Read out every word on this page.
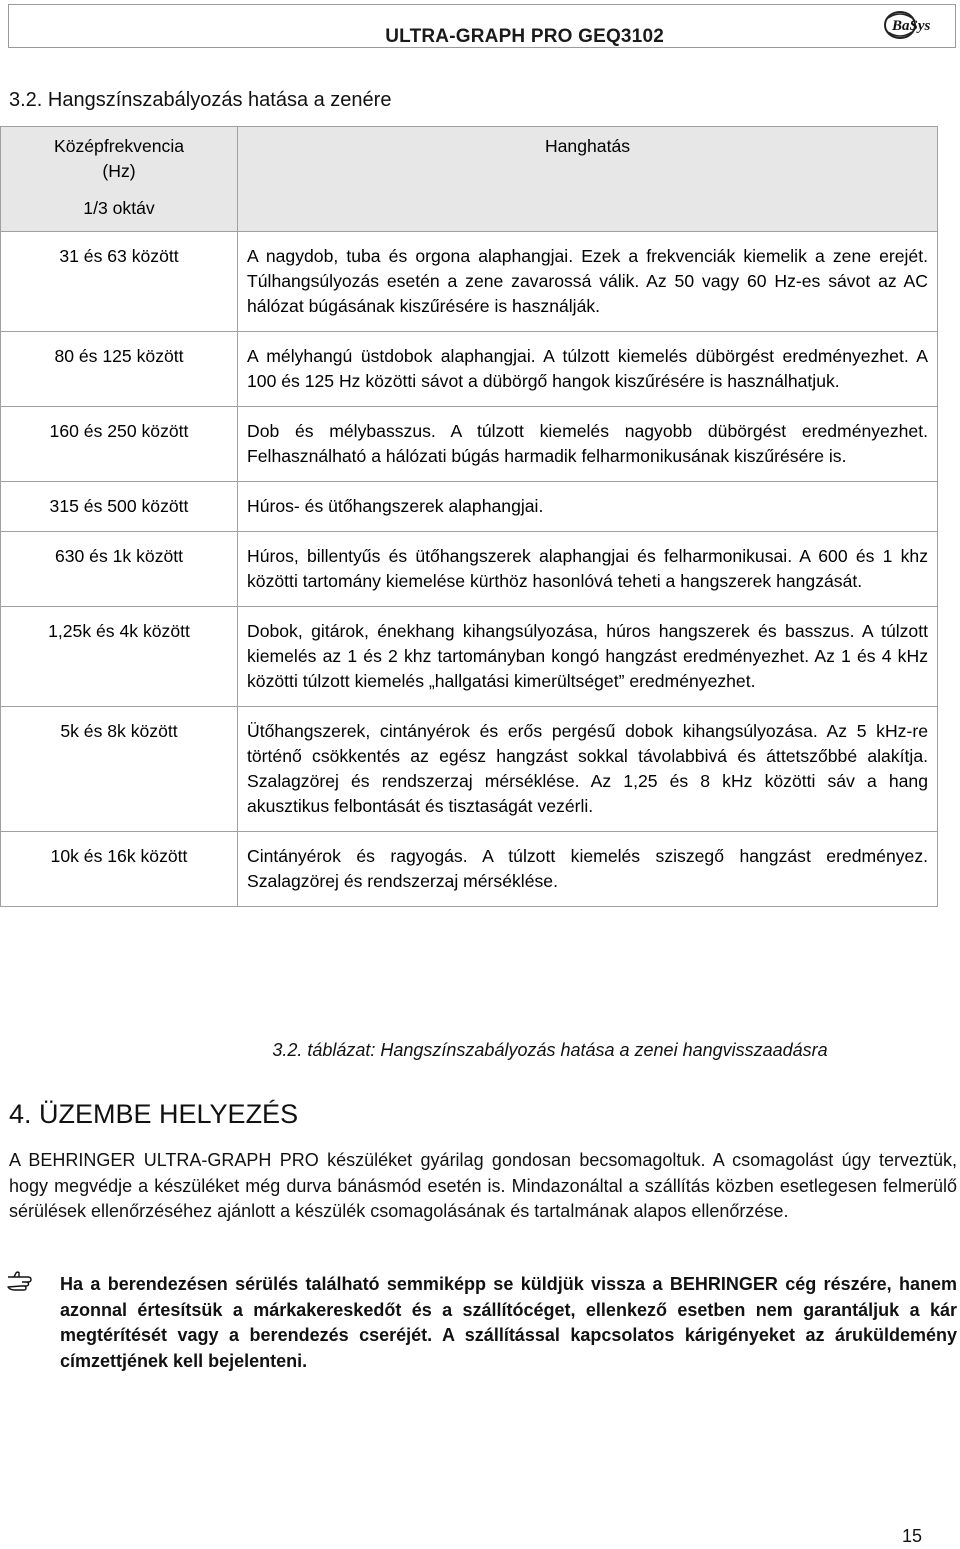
ULTRA-GRAPH PRO GEQ3102	BaSys
3.2. Hangszínszabályozás hatása a zenére
Középfrekvencia
(Hz)
1/3 oktáv	Hanghatás
31 és 63 között	A nagydob, tuba és orgona alaphangjai. Ezek a frekvenciák kiemelik a zene erejét. Túlhangsúlyozás esetén a zene zavarossá válik. Az 50 vagy 60 Hz-es sávot az AC hálózat búgásának kiszűrésére is használják.
80 és 125 között	A mélyhangú üstdobok alaphangjai. A túlzott kiemelés dübörgést eredményezhet. A 100 és 125 Hz közötti sávot a dübörgő hangok kiszűrésére is használhatjuk.
160 és 250 között	Dob és mélybasszus. A túlzott kiemelés nagyobb dübörgést eredményezhet. Felhasználható a hálózati búgás harmadik felharmonikusának kiszűrésére is.
315 és 500 között	Húros- és ütőhangszerek alaphangjai.
630 és 1k között	Húros, billentyűs és ütőhangszerek alaphangjai és felharmonikusai. A 600 és 1 khz közötti tartomány kiemelése kürthöz hasonlóvá teheti a hangszerek hangzását.
1,25k és 4k között	Dobok, gitárok, énekhang kihangsúlyozása, húros hangszerek és basszus. A túlzott kiemelés az 1 és 2 khz tartományban kongó hangzást eredményezhet. Az 1 és 4 kHz közötti túlzott kiemelés „hallgatási kimerültséget” eredményezhet.
5k és 8k között	Ütőhangszerek, cintányérok és erős pergésű dobok kihangsúlyozása. Az 5 kHz-re történő csökkentés az egész hangzást sokkal távolabbivá és áttetszőbbé alakítja. Szalagzörej és rendszerzaj mérséklése. Az 1,25 és 8 kHz közötti sáv a hang akusztikus felbontását és tisztaságát vezérli.
10k és 16k között	Cintányérok és ragyogás. A túlzott kiemelés sziszegő hangzást eredményez. Szalagzörej és rendszerzaj mérséklése.
3.2. táblázat: Hangszínszabályozás hatása a zenei hangvisszaadásra
4. ÜZEMBE HELYEZÉS
A BEHRINGER ULTRA-GRAPH PRO készüléket gyárilag gondosan becsomagoltuk. A csomagolást úgy terveztük, hogy megvédje a készüléket még durva bánásmód esetén is. Mindazonáltal a szállítás közben esetlegesen felmerülő sérülések ellenőrzéséhez ajánlott a készülék csomagolásának és tartalmának alapos ellenőrzése.
Ha a berendezésen sérülés található semmiképp se küldjük vissza a BEHRINGER cég részére, hanem azonnal értesítsük a márkakereskedőt és a szállítócéget, ellenkező esetben nem garantáljuk a kár megtérítését vagy a berendezés cseréjét. A szállítással kapcsolatos kárigényeket az áruküldemény címzettjének kell bejelenteni.
15
